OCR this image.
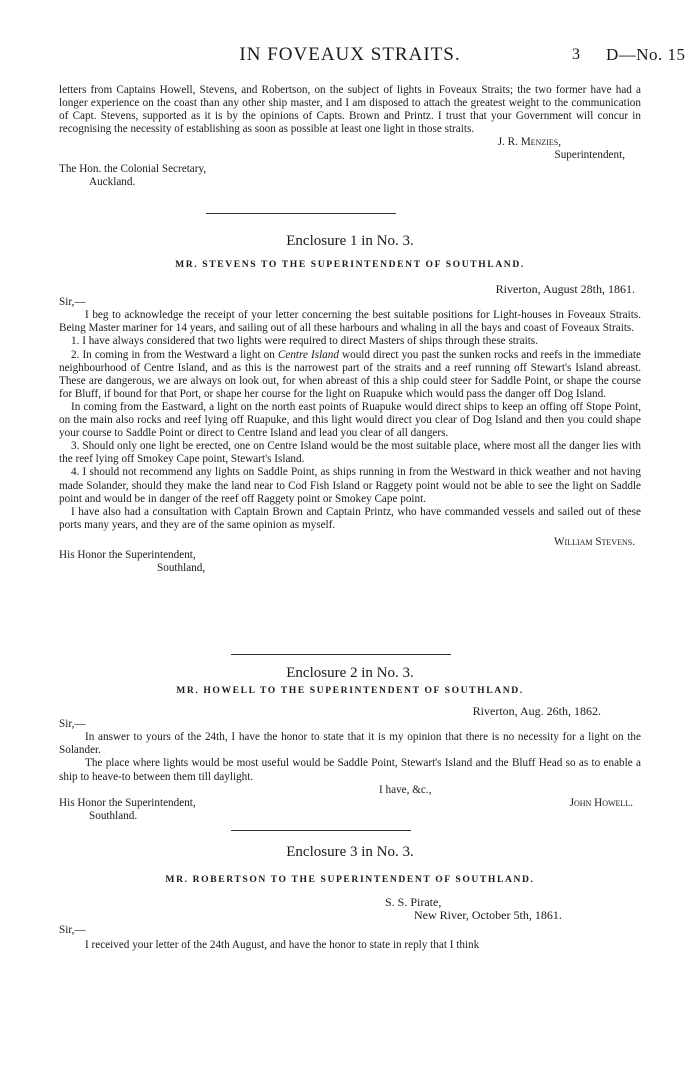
IN FOVEAUX STRAITS.	3 D—No. 15

letters from Captains Howell, Stevens, and Robertson, on the subject of lights in Foveaux Straits; the two former have had a longer experience on the coast than any other ship master, and I am disposed to attach the greatest weight to the communication of Capt. Stevens, supported as it is by the opinions of Capts. Brown and Printz. I trust that your Government will concur in recognising the necessity of establishing as soon as possible at least one light in those straits.

J. R. Menzies,

Superintendent,

The Hon. the Colonial Secretary,

Auckland.

Enclosure 1 in No. 3.
MR. STEVENS TO THE SUPERINTENDENT OF SOUTHLAND.

Riverton, August 28th, 1861.

Sir,—

I beg to acknowledge the receipt of your letter concerning the best suitable positions for Light-houses in Foveaux Straits. Being Master mariner for 14 years, and sailing out of all these harbours and whaling in all the bays and coast of Foveaux Straits.

1. I have always considered that two lights were required to direct Masters of ships through these straits.

2. In coming in from the Westward a light on Centre Island would direct you past the sunken rocks and reefs in the immediate neighbourhood of Centre Island, and as this is the narrowest part of the straits and a reef running off Stewart's Island abreast. These are dangerous, we are always on look out, for when abreast of this a ship could steer for Saddle Point, or shape the course for Bluff, if bound for that Port, or shape her course for the light on Ruapuke which would pass the danger off Dog Island.

In coming from the Eastward, a light on the north east points of Ruapuke would direct ships to keep an offing off Stope Point, on the main also rocks and reef lying off Ruapuke, and this light would direct you clear of Dog Island and then you could shape your course to Saddle Point or direct to Centre Island and lead you clear of all dangers.

3. Should only one light be erected, one on Centre Island would be the most suitable place, where most all the danger lies with the reef lying off Smokey Cape point, Stewart's Island.

4. I should not recommend any lights on Saddle Point, as ships running in from the Westward in thick weather and not having made Solander, should they make the land near to Cod Fish Island or Raggety point would not be able to see the light on Saddle point and would be in danger of the reef off Raggety point or Smokey Cape point.

I have also had a consultation with Captain Brown and Captain Printz, who have commanded vessels and sailed out of these ports many years, and they are of the same opinion as myself.

William Stevens.

His Honor the Superintendent,

Southland,

Enclosure 2 in No. 3.
MR. HOWELL TO THE SUPERINTENDENT OF SOUTHLAND.

Riverton, Aug. 26th, 1862.

Sir,—

In answer to yours of the 24th, I have the honor to state that it is my opinion that there is no necessity for a light on the Solander.

The place where lights would be most useful would be Saddle Point, Stewart's Island and the Bluff Head so as to enable a ship to heave-to between them till daylight.

I have, &c.,

His Honor the Superintendent,	John Howell.

Southland.

Enclosure 3 in No. 3.
MR. ROBERTSON TO THE SUPERINTENDENT OF SOUTHLAND.

S. S. Pirate,

New River, October 5th, 1861.

Sir,—

I received your letter of the 24th August, and have the honor to state in reply that I think
